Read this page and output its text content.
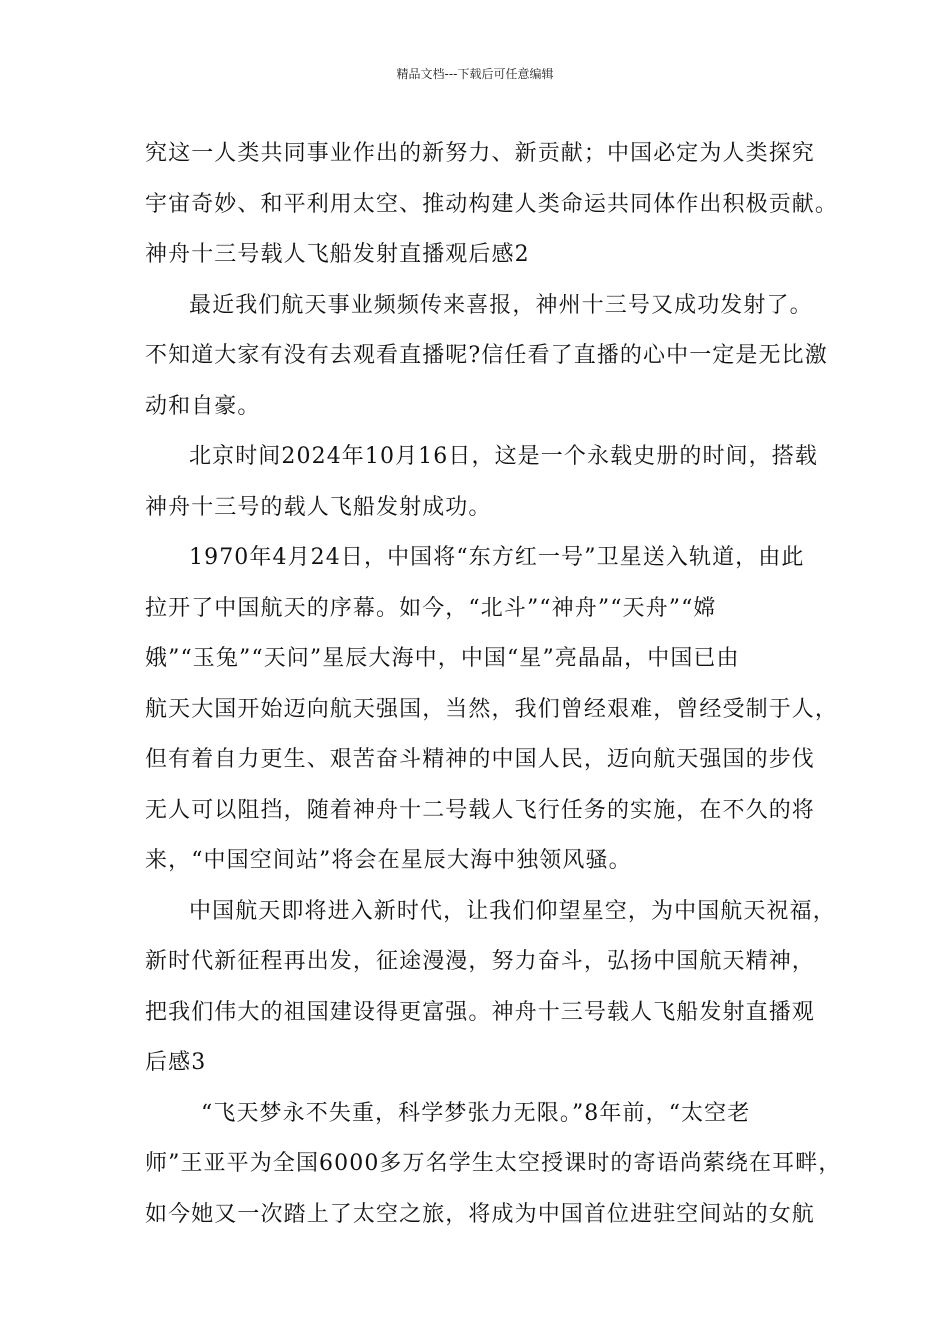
精品文档---下载后可任意编辑
究这一人类共同事业作出的新努力、新贡献；中国必定为人类探究
宇宙奇妙、和平利用太空、推动构建人类命运共同体作出积极贡献。
神舟十三号载人飞船发射直播观后感2
最近我们航天事业频频传来喜报，神州十三号又成功发射了。
不知道大家有没有去观看直播呢?信任看了直播的心中一定是无比激
动和自豪。
北京时间2024年10月16日，这是一个永载史册的时间，搭载
神舟十三号的载人飞船发射成功。
1970年4月24日，中国将“东方红一号”卫星送入轨道，由此
拉开了中国航天的序幕。如今，“北斗”“神舟”“天舟”“嫦
娥”“玉兔”“天问”星辰大海中，中国“星”亮晶晶，中国已由
航天大国开始迈向航天强国，当然，我们曾经艰难，曾经受制于人，
但有着自力更生、艰苦奋斗精神的中国人民，迈向航天强国的步伐
无人可以阻挡，随着神舟十二号载人飞行任务的实施，在不久的将
来，“中国空间站”将会在星辰大海中独领风骚。
中国航天即将进入新时代，让我们仰望星空，为中国航天祝福，
新时代新征程再出发，征途漫漫，努力奋斗，弘扬中国航天精神，
把我们伟大的祖国建设得更富强。神舟十三号载人飞船发射直播观
后感3
“飞天梦永不失重，科学梦张力无限。”8年前，“太空老
师”王亚平为全国6000多万名学生太空授课时的寄语尚萦绕在耳畔，
如今她又一次踏上了太空之旅，将成为中国首位进驻空间站的女航
